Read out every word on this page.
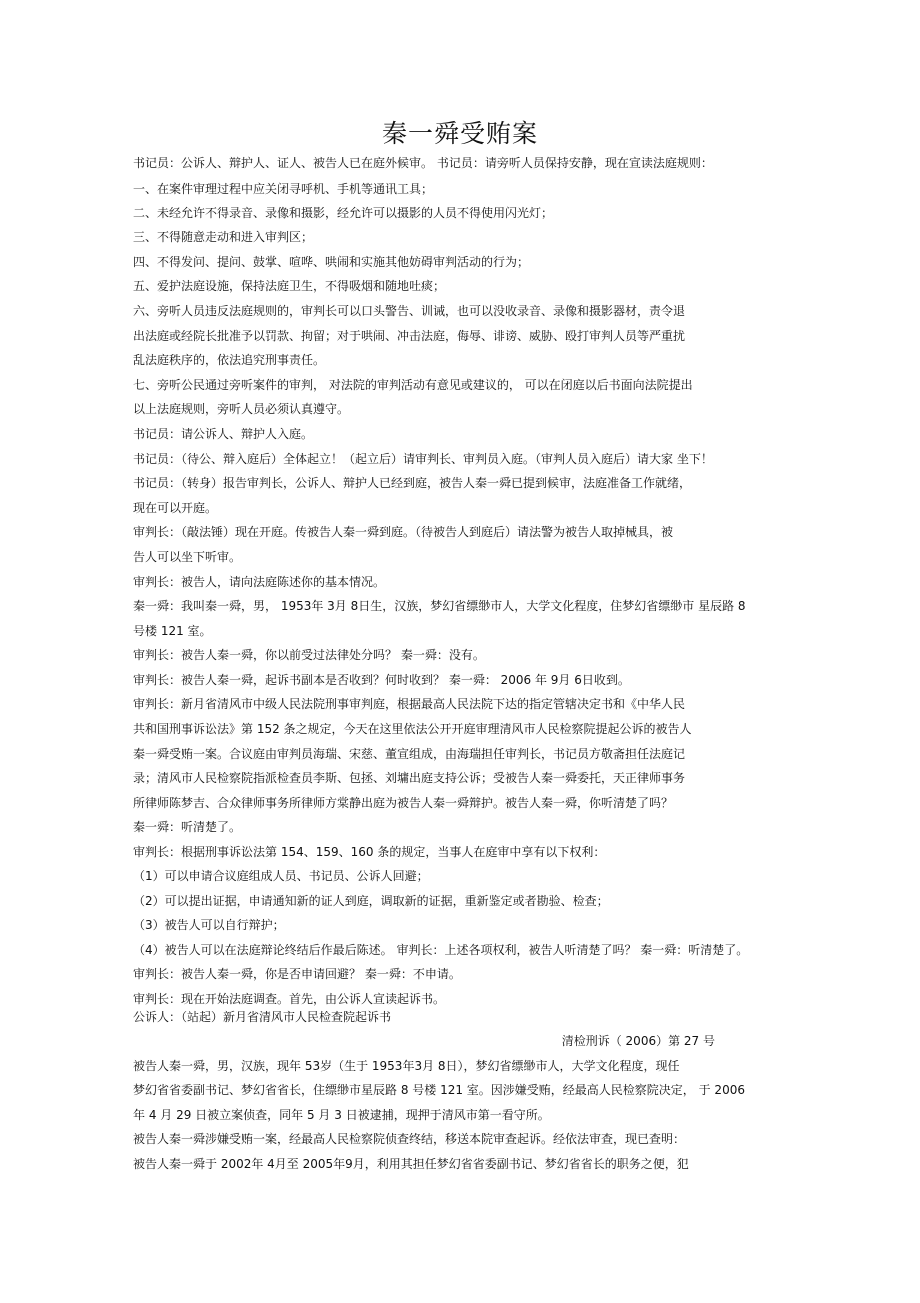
秦一舜受贿案
书记员：公诉人、辩护人、证人、被告人已在庭外候审。 书记员：请旁听人员保持安静，现在宣读法庭规则：
一、在案件审理过程中应关闭寻呼机、手机等通讯工具；
二、未经允许不得录音、录像和摄影，经允许可以摄影的人员不得使用闪光灯；
三、不得随意走动和进入审判区；
四、不得发问、提问、鼓掌、喧哗、哄闹和实施其他妨碍审判活动的行为；
五、爱护法庭设施，保持法庭卫生，不得吸烟和随地吐痰；
六、旁听人员违反法庭规则的，审判长可以口头警告、训诫，也可以没收录音、录像和摄影器材，责令退
出法庭或经院长批准予以罚款、拘留；对于哄闹、冲击法庭，侮辱、诽谤、威胁、殴打审判人员等严重扰
乱法庭秩序的，依法追究刑事责任。
七、旁听公民通过旁听案件的审判， 对法院的审判活动有意见或建议的， 可以在闭庭以后书面向法院提出
以上法庭规则，旁听人员必须认真遵守。
书记员：请公诉人、辩护人入庭。
书记员：（待公、辩入庭后）全体起立！（起立后）请审判长、审判员入庭。（审判人员入庭后）请大家 坐下！
书记员：（转身）报告审判长，公诉人、辩护人已经到庭，被告人秦一舜已提到候审，法庭准备工作就绪，
现在可以开庭。
审判长：（敲法锤）现在开庭。传被告人秦一舜到庭。（待被告人到庭后）请法警为被告人取掉械具，被
告人可以坐下听审。
审判长：被告人，请向法庭陈述你的基本情况。
秦一舜：我叫秦一舜，男， 1953年 3月 8日生，汉族，梦幻省缥缈市人，大学文化程度，住梦幻省缥缈市 星辰路 8
号楼 121 室。
审判长：被告人秦一舜，你以前受过法律处分吗？ 秦一舜：没有。
审判长：被告人秦一舜，起诉书副本是否收到？何时收到？ 秦一舜： 2006 年 9月 6日收到。
审判长：新月省清风市中级人民法院刑事审判庭，根据最高人民法院下达的指定管辖决定书和《中华人民
共和国刑事诉讼法》第 152 条之规定，今天在这里依法公开开庭审理清风市人民检察院提起公诉的被告人
秦一舜受贿一案。合议庭由审判员海瑞、宋慈、董宣组成，由海瑞担任审判长，书记员方敬斋担任法庭记
录；清风市人民检察院指派检查员李斯、包拯、刘墉出庭支持公诉；受被告人秦一舜委托，天正律师事务
所律师陈梦吉、合众律师事务所律师方棠静出庭为被告人秦一舜辩护。被告人秦一舜，你听清楚了吗？
秦一舜：听清楚了。
审判长：根据刑事诉讼法第 154、159、160 条的规定，当事人在庭审中享有以下权利：
（1）可以申请合议庭组成人员、书记员、公诉人回避；
（2）可以提出证据，申请通知新的证人到庭，调取新的证据，重新鉴定或者勘验、检查；
（3）被告人可以自行辩护；
（4）被告人可以在法庭辩论终结后作最后陈述。 审判长：上述各项权利，被告人听清楚了吗？ 秦一舜：听清楚了。
审判长：被告人秦一舜，你是否申请回避？ 秦一舜：不申请。
审判长：现在开始法庭调查。首先，由公诉人宣读起诉书。
公诉人：（站起）新月省清风市人民检查院起诉书
清检刑诉（ 2006）第 27 号
被告人秦一舜，男，汉族，现年 53岁（生于 1953年3月 8日），梦幻省缥缈市人，大学文化程度，现任
梦幻省省委副书记、梦幻省省长，住缥缈市星辰路 8 号楼 121 室。因涉嫌受贿，经最高人民检察院决定， 于 2006
年 4 月 29 日被立案侦查，同年 5 月 3 日被逮捕，现押于清风市第一看守所。
被告人秦一舜涉嫌受贿一案，经最高人民检察院侦查终结，移送本院审查起诉。经依法审查，现已查明：
被告人秦一舜于 2002年 4月至 2005年9月，利用其担任梦幻省省委副书记、梦幻省省长的职务之便，犯
